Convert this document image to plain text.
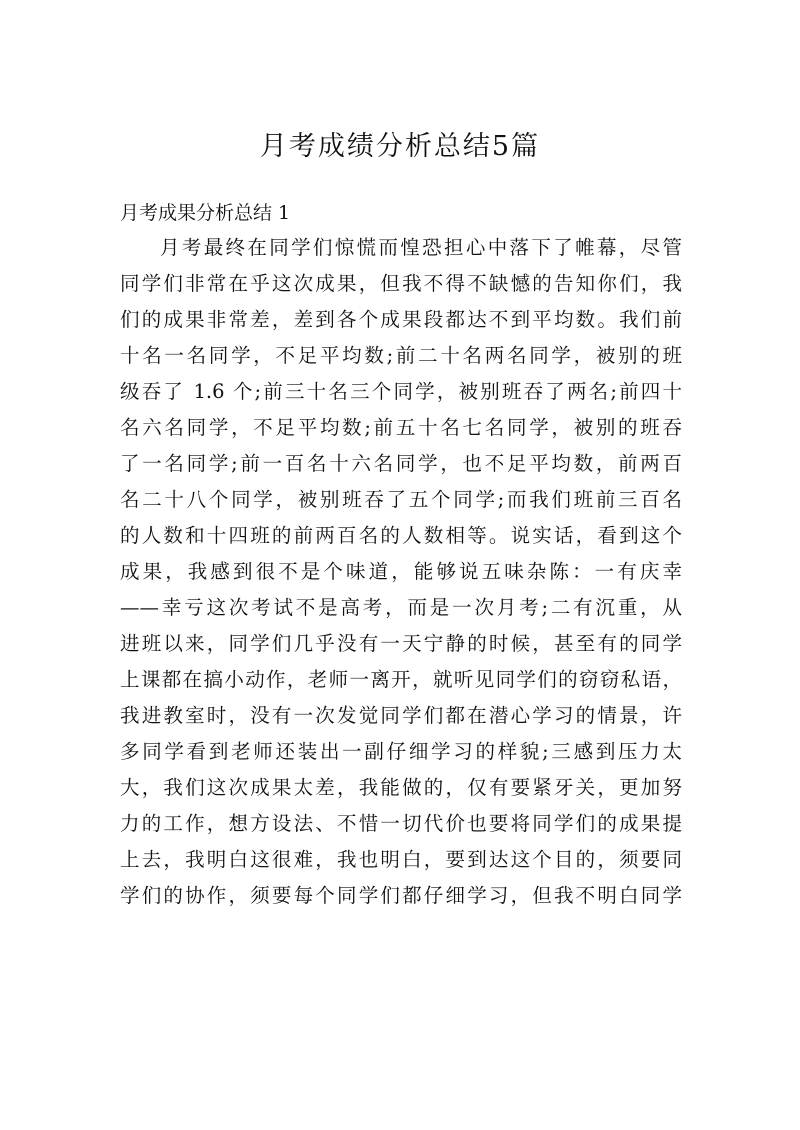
月考成绩分析总结5篇
月考成果分析总结 1
月考最终在同学们惊慌而惶恐担心中落下了帷幕，尽管
同学们非常在乎这次成果，但我不得不缺憾的告知你们，我
们的成果非常差，差到各个成果段都达不到平均数。我们前
十名一名同学，不足平均数;前二十名两名同学，被别的班
级吞了 1.6 个;前三十名三个同学，被别班吞了两名;前四十
名六名同学，不足平均数;前五十名七名同学，被别的班吞
了一名同学;前一百名十六名同学，也不足平均数，前两百
名二十八个同学，被别班吞了五个同学;而我们班前三百名
的人数和十四班的前两百名的人数相等。说实话，看到这个
成果，我感到很不是个味道，能够说五味杂陈：一有庆幸
——幸亏这次考试不是高考，而是一次月考;二有沉重，从
进班以来，同学们几乎没有一天宁静的时候，甚至有的同学
上课都在搞小动作，老师一离开，就听见同学们的窃窃私语，
我进教室时，没有一次发觉同学们都在潜心学习的情景，许
多同学看到老师还装出一副仔细学习的样貌;三感到压力太
大，我们这次成果太差，我能做的，仅有要紧牙关，更加努
力的工作，想方设法、不惜一切代价也要将同学们的成果提
上去，我明白这很难，我也明白，要到达这个目的，须要同
学们的协作，须要每个同学们都仔细学习，但我不明白同学
